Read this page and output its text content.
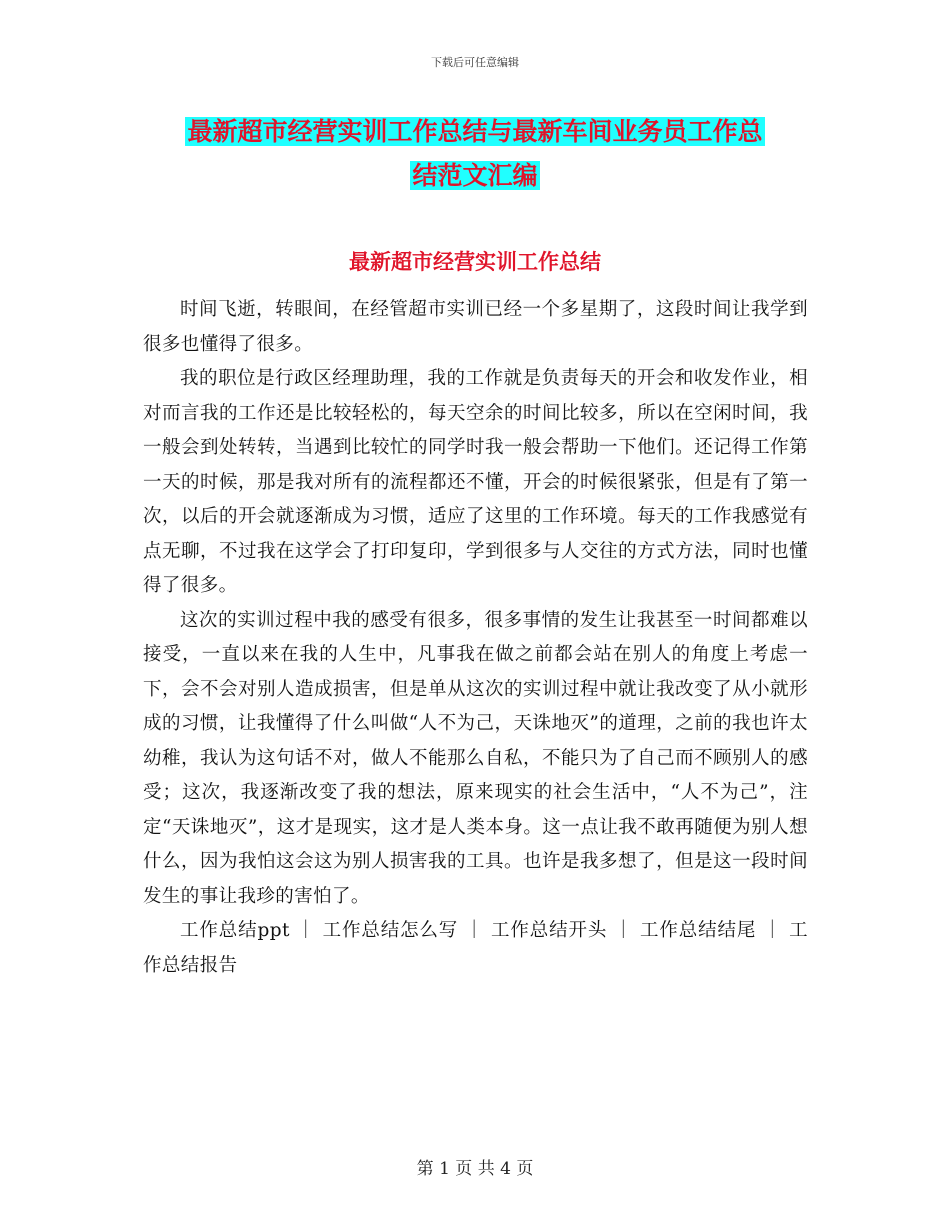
下载后可任意编辑
最新超市经营实训工作总结与最新车间业务员工作总
结范文汇编
最新超市经营实训工作总结

时间飞逝，转眼间，在经管超市实训已经一个多星期了，这段时间让我学到 很多也懂得了很多。

我的职位是行政区经理助理，我的工作就是负责每天的开会和收发作业，相对而言我的工作还是比较轻松的，每天空余的时间比较多，所以在空闲时间，我一般会到处转转，当遇到比较忙的同学时我一般会帮助一下他们。还记得工作第一天的时候，那是我对所有的流程都还不懂，开会的时候很紧张，但是有了第一次，以后的开会就逐渐成为习惯，适应了这里的工作环境。每天的工作我感觉有点无聊，不过我在这学会了打印复印，学到很多与人交往的方式方法，同时也懂得了很多。

这次的实训过程中我的感受有很多，很多事情的发生让我甚至一时间都难以接受，一直以来在我的人生中，凡事我在做之前都会站在别人的角度上考虑一下，会不会对别人造成损害，但是单从这次的实训过程中就让我改变了从小就形成的习惯，让我懂得了什么叫做“人不为己，天诛地灭”的道理，之前的我也许太幼稚，我认为这句话不对，做人不能那么自私，不能只为了自己而不顾别人的感受；这次，我逐渐改变了我的想法，原来现实的社会生活中，“人不为己”，注定“天诛地灭”，这才是现实，这才是人类本身。这一点让我不敢再随便为别人想什么，因为我怕这会这为别人损害我的工具。也许是我多想了，但是这一段时间发生的事让我珍的害怕了。

工作总结ppt ｜ 工作总结怎么写 ｜ 工作总结开头 ｜ 工作总结结尾 ｜ 工作总结报告

第 1 页 共 4 页
